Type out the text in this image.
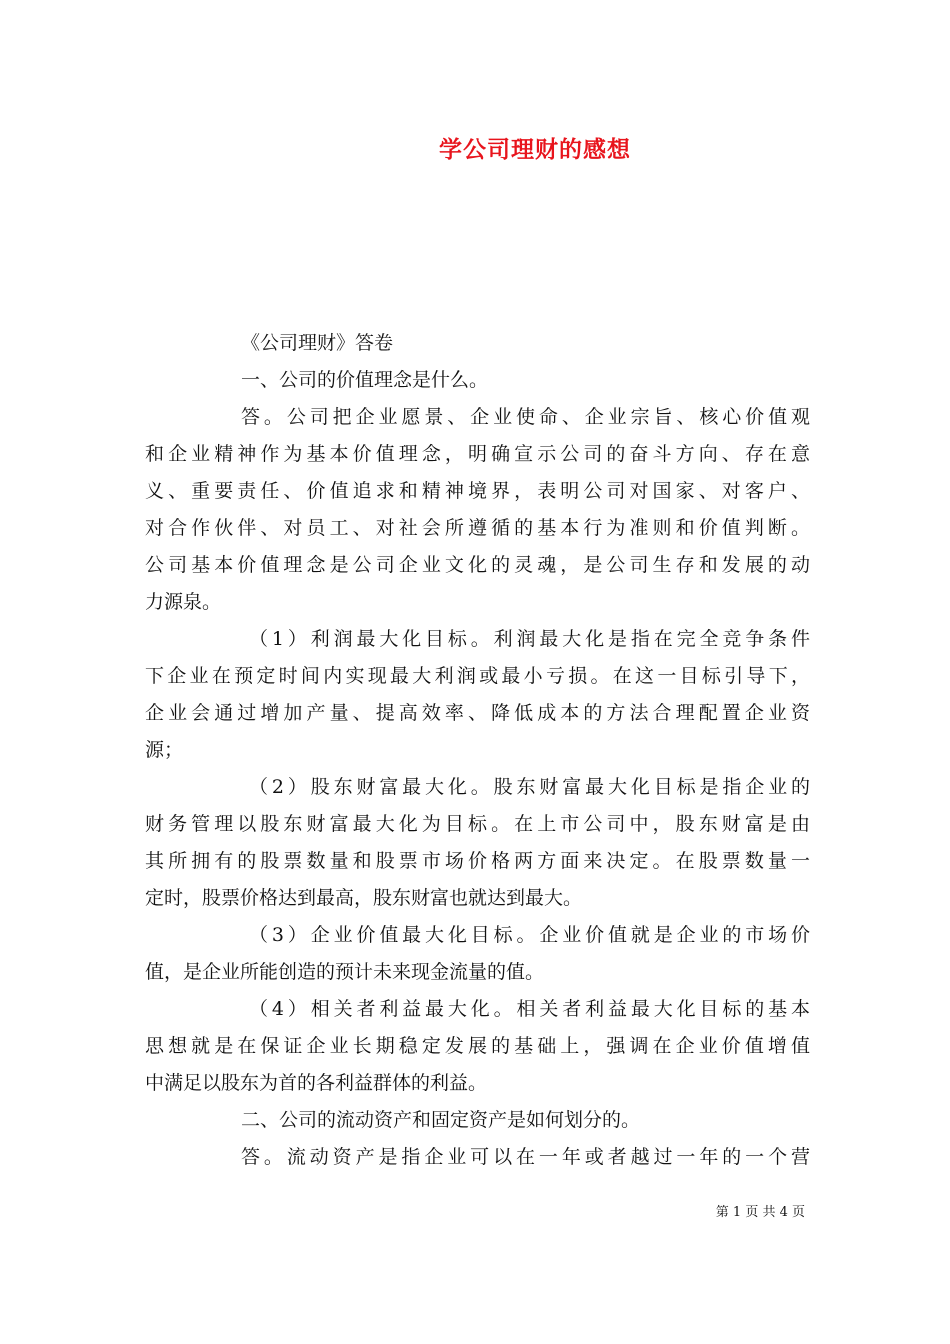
学公司理财的感想
《公司理财》答卷
一、公司的价值理念是什么。
答。公司把企业愿景、企业使命、企业宗旨、核心价值观
和企业精神作为基本价值理念，明确宣示公司的奋斗方向、存在意
义、重要责任、价值追求和精神境界，表明公司对国家、对客户、
对合作伙伴、对员工、对社会所遵循的基本行为准则和价值判断。
公司基本价值理念是公司企业文化的灵魂，是公司生存和发展的动
力源泉。
（1）利润最大化目标。利润最大化是指在完全竞争条件
下企业在预定时间内实现最大利润或最小亏损。在这一目标引导下，
企业会通过增加产量、提高效率、降低成本的方法合理配置企业资
源；
（2）股东财富最大化。股东财富最大化目标是指企业的
财务管理以股东财富最大化为目标。在上市公司中，股东财富是由
其所拥有的股票数量和股票市场价格两方面来决定。在股票数量一
定时，股票价格达到最高，股东财富也就达到最大。
（3）企业价值最大化目标。企业价值就是企业的市场价
值，是企业所能创造的预计未来现金流量的值。
（4）相关者利益最大化。相关者利益最大化目标的基本
思想就是在保证企业长期稳定发展的基础上，强调在企业价值增值
中满足以股东为首的各利益群体的利益。
二、公司的流动资产和固定资产是如何划分的。
答。流动资产是指企业可以在一年或者越过一年的一个营
第 1 页 共 4 页
